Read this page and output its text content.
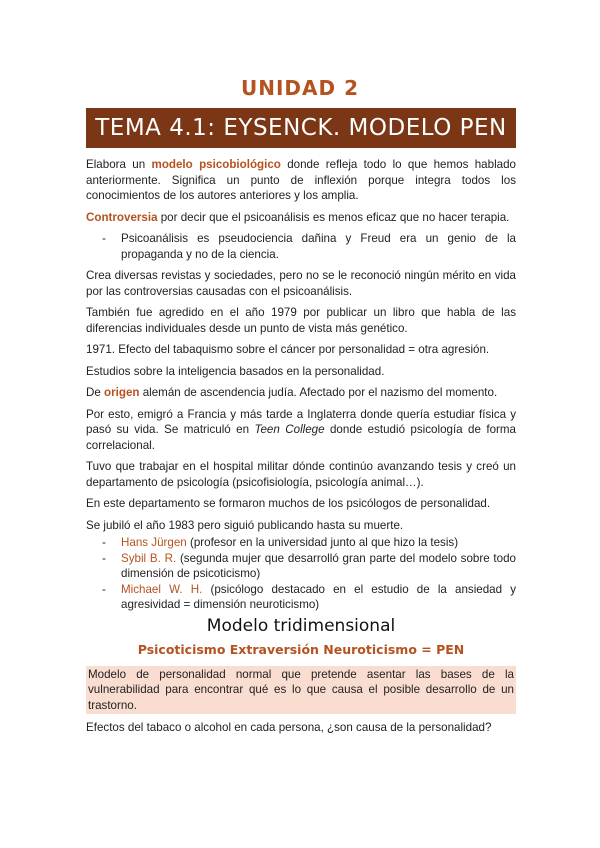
UNIDAD 2
TEMA 4.1: EYSENCK. MODELO PEN

Elabora un modelo psicobiológico donde refleja todo lo que hemos hablado anteriormente. Significa un punto de inflexión porque integra todos los conocimientos de los autores anteriores y los amplia.

Controversia por decir que el psicoanálisis es menos eficaz que no hacer terapia.

- Psicoanálisis es pseudociencia dañina y Freud era un genio de la propaganda y no de la ciencia.

Crea diversas revistas y sociedades, pero no se le reconoció ningún mérito en vida por las controversias causadas con el psicoanálisis.

También fue agredido en el año 1979 por publicar un libro que habla de las diferencias individuales desde un punto de vista más genético.

1971. Efecto del tabaquismo sobre el cáncer por personalidad = otra agresión.

Estudios sobre la inteligencia basados en la personalidad.

De origen alemán de ascendencia judía. Afectado por el nazismo del momento.

Por esto, emigró a Francia y más tarde a Inglaterra donde quería estudiar física y pasó su vida. Se matriculó en Teen College donde estudió psicología de forma correlacional.

Tuvo que trabajar en el hospital militar dónde continúo avanzando tesis y creó un departamento de psicología (psicofisiología, psicología animal…).

En este departamento se formaron muchos de los psicólogos de personalidad.

Se jubiló el año 1983 pero siguió publicando hasta su muerte.

- Hans Jürgen (profesor en la universidad junto al que hizo la tesis)
- Sybil B. R. (segunda mujer que desarrolló gran parte del modelo sobre todo dimensión de psicoticismo)
- Michael W. H. (psicólogo destacado en el estudio de la ansiedad y agresividad = dimensión neuroticismo)
Modelo tridimensional
Psicoticismo Extraversión Neuroticismo = PEN

Modelo de personalidad normal que pretende asentar las bases de la vulnerabilidad para encontrar qué es lo que causa el posible desarrollo de un trastorno.

Efectos del tabaco o alcohol en cada persona, ¿son causa de la personalidad?
